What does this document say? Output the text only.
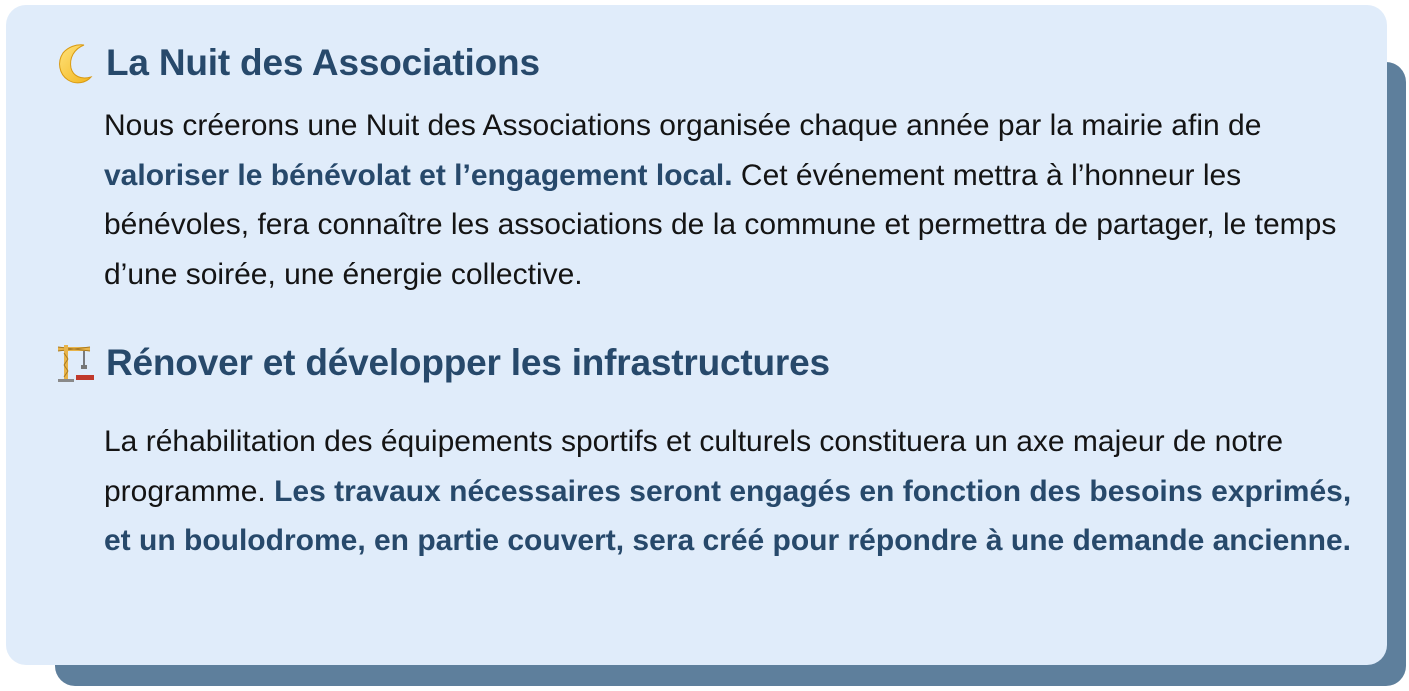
La Nuit des Associations

Nous créerons une Nuit des Associations organisée chaque année par la mairie afin de valoriser le bénévolat et l’engagement local. Cet événement mettra à l’honneur les bénévoles, fera connaître les associations de la commune et permettra de partager, le temps d’une soirée, une énergie collective.

Rénover et développer les infrastructures

La réhabilitation des équipements sportifs et culturels constituera un axe majeur de notre programme. Les travaux nécessaires seront engagés en fonction des besoins exprimés, et un boulodrome, en partie couvert, sera créé pour répondre à une demande ancienne.
